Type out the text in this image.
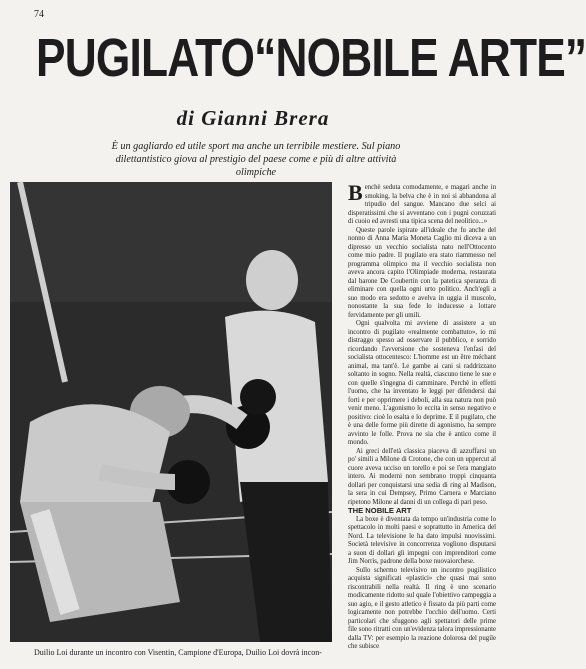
74
PUGILATO“NOBILE ARTE”
di Gianni Brera
È un gagliardo ed utile sport ma anche un terribile mestiere. Sul piano dilettantistico giova al prestigio del paese come e più di altre attività olimpiche
Duilio Loi durante un incontro con Visentin, Campione d'Europa, Duilio Loi dovrà incon-

Benchè seduta comodamente, e magari anche in smoking, la belva che è in noi si abbandona al tripudio del sangue. Mancano due selci ai disperatissimi che si avventano con i pugni coruzzati di cuoio ed avresti una tipica scena del neolitico...»

Queste parole ispirate all'ideale che fu anche del nonno di Anna Maria Moneta Caglio mi diceva a un dipresso un vecchio socialista nato nell'Ottocento come mio padre. Il pugilato era stato riammesso nel programma olimpico ma il vecchio socialista non aveva ancora capito l'Olimpiade moderna, restaurata dal barone De Coubertin con la patetica speranza di eliminare con quella ogni urto politico. Anch'egli a suo modo era sedotto e avelva in uggia il muscolo, nonostante la sua fede lo inducesse a lottare fervidamente per gli umili.

Ogni qualvolta mi avviene di assistere a un incontro di pugilato «realmente combattuto», io mi distraggo spesso ad osservare il pubblico, e sorrido ricordando l'avversione che sosteneva l'enfasi del socialista ottocentesco: L'homme est un être méchant animal, ma tant'è. Le gambe ai cani si raddrizzano soltanto in sogno. Nella realtà, ciascuno tiene le sue e con quelle s'ingegna di camminare. Perchè in effetti l'uomo, che ha inventato le leggi per difendersi dai forti e per opprimere i deboli, alla sua natura non può venir meno. L'agonismo lo eccita in senso negativo e positivo: cioè lo esalta e lo deprime. E il pugilato, che è una delle forme più dirette di agonismo, ha sempre avvinto le folle. Prova ne sia che è antico come il mondo.

Ai greci dell'età classica piaceva di azzuffarsi un po' simili a Milone di Crotone, che con un uppercut al cuore aveva ucciso un torello e poi se l'era mangiato intero. Ai moderni non sembrano troppi cinquanta dollari per conquistarsi una sedia di ring al Madison, la sera in cui Dempsey, Primo Carnera e Marciano ripetono Milone al danni di un collega di pari peso.

THE NOBILE ART

La boxe è diventata da tempo un'industria come lo spettacolo in molti paesi e soprattutto in America del Nord. La televisione le ha dato impulsi nuovissimi. Società televisive in concorrenza vogliono disputarsi a suon di dollari gli impegni con imprenditori come Jim Norris, padrone della boxe nuovaiorchese.

Sullo schermo televisivo un incontro pugilistico acquista significati «plastici» che quasi mai sono riscontrabili nella realtà. Il ring è uno scenario modicamente ridotto sul quale l'obiettivo campeggia a suo agio, e il gesto atletico è fissato da più parti come logicamente non potrebbe l'occhio dell'uomo. Certi particolari che sfuggono agli spettatori delle prime file sono ritratti con un'evidenza talora impressionante dalla TV: per esempio la reazione dolorosa del pugile che subisce
